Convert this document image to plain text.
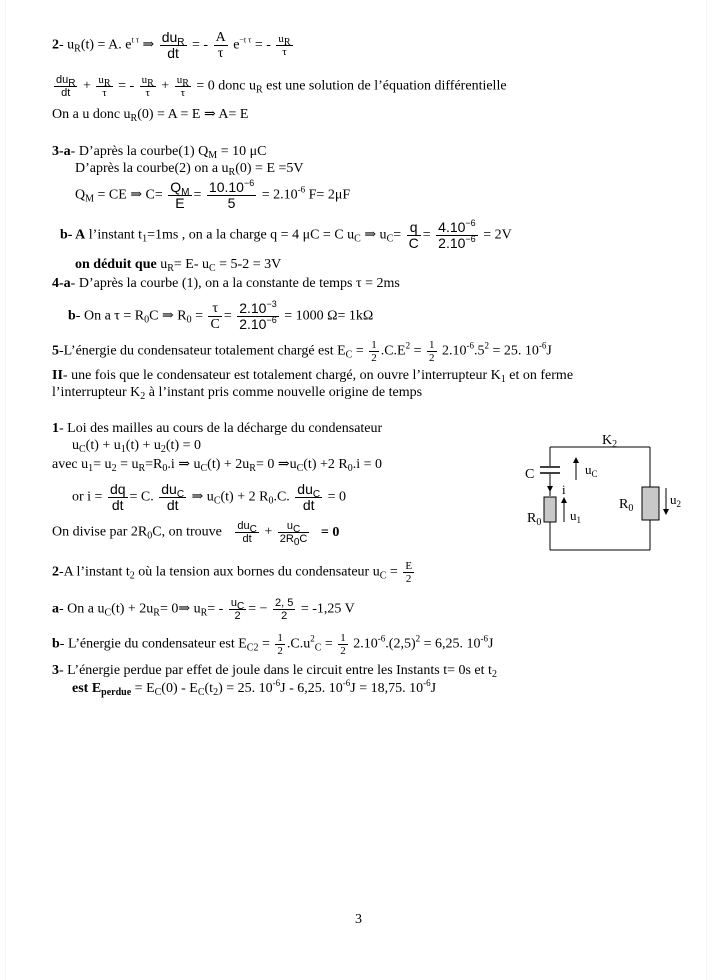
2- $u_R(t) = A$. $e^{t \tau}$ ⇒
$du_R$
dt = - $\frac{A}{\tau} e^{-t \tau}$ = - $\frac{u_R}{\tau}$
$du_R$
dt + $\frac{u_R}{\tau}$ = - $\frac{u_R}{\tau} + \frac{u_R}{\tau} = 0$ donc $u_R$ est une solution de l’équation différentielle
On a u donc $u_R(0) = A = E$ ⇒ A= E
3-a- D’après la courbe(1) $Q_M = 10$ μC
D’après la courbe(2) on a $u_R(0) = E =5V$
$Q_M$ = CE ⇒ $C= \frac{Q_M}{E} = \frac{10.10^{-6}}{5} = 2.10^{-6}$ F= 2μF
b- A l’instant $t_1=1ms$ , on a la charge q = 4 μC = C $u_C$ ⇒ $u_C= \frac{q}{C} = \frac{4.10^{-6}}{2.10^{-6}} = 2V$
on déduit que $u_R= E-$ $u_C = 5-2 = 3V$
4-a- D’après la courbe (1), on a la constante de temps τ = 2ms
b- On a $\tau = R_0C$ ⇒ $R_0 = \frac{\tau}{C} = \frac{2.10^{-3}}{2.10^{-6}} = 1000$ Ω= 1kΩ
5-L’énergie du condensateur totalement chargé est $E_C = \frac{1}{2} .C.E^2 = \frac{1}{2} 2.10^{-6}.5^2 = 25$. $10^{-6}J$
II- une fois que le condensateur est totalement chargé, on ouvre l’interrupteur $K_1$ et on ferme
l’interrupteur $K_2$ à l’instant pris comme nouvelle origine de temps
1- Loi des mailles au cours de la décharge du condensateur
$u_C(t) + u_1(t) + u_2(t) = 0$
avec $u_1= u_2 = u_R=R_0.i$ ⇒ $u_C(t) + 2u_R= 0$ $\Rightarrow u_C(t) +2$ $R_0.i = 0$
or $i = \frac{dq}{dt} = C$.
$du_C$
dt ⇒ $u_C(t) + 2$ $R_0.C$.
$du_C$
dt = 0
On divise par $2R_0C$, on trouve $du_C$
dt + $\frac{u_C}{2R_0C} = 0$
2-A l’instant $t_2$ où la tension aux bornes du condensateur $u_C = \frac{E}{2}$
a- On a $u_C(t) + 2u_R=$ 0⇒ $u_R= - \frac{u_C}{2}$ = − $\frac{2, 5}{2} = -1,25$ V
b- L’énergie du condensateur est $E_{C2} = \frac{1}{2} .C.u^2_C = \frac{1}{2} 2.10^{-6}.(2,5)^2 = 6,25$. $10^{-6}J$
3- L’énergie perdue par effet de joule dans le circuit entre les Instants t= 0s et $t_2$
est $E_{perdue} = E_C(0) - E_C(t_2) = 25$. $10^{-6}J - 6,25$. $10^{-6}J = 18,75$. $10^{-6}J$
$K_2$
C	$u_C$
i
$R_0$ $u_1$
$R_0$
$u_2$
3
